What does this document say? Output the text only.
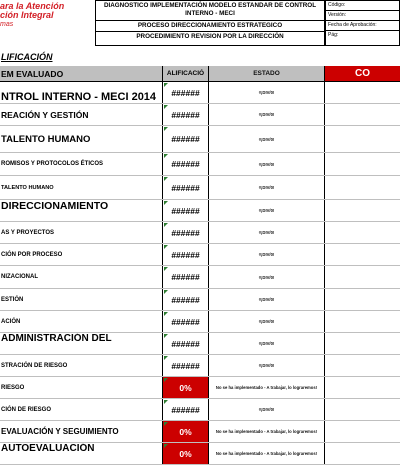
ara la Atención
ción Integral
mas
DIAGNOSTICO IMPLEMENTACIÓN MODELO ESTANDAR DE CONTROL INTERNO - MECI
PROCESO DIRECCIONAMIENTO ESTRATEGICO
PROCEDIMIENTO REVISION POR LA DIRECCIÓN
Código:
Versión:
Fecha de Aprobación:
Pág:
LIFICACIÓN
EM EVALUADO	ALIFICACIÓ	ESTADO	CO
NTROL INTERNO - MECI 2014	######	#¡DIV/0!
REACIÓN Y GESTIÓN	######	#¡DIV/0!
TALENTO HUMANO	######	#¡DIV/0!
ROMISOS Y PROTOCOLOS ÉTICOS	######	#¡DIV/0!
TALENTO HUMANO	######	#¡DIV/0!
DIRECCIONAMIENTO	######	#¡DIV/0!
AS Y PROYECTOS	######	#¡DIV/0!
CIÓN POR PROCESO	######	#¡DIV/0!
NIZACIONAL	######	#¡DIV/0!
ESTIÓN	######	#¡DIV/0!
ACIÓN	######	#¡DIV/0!
ADMINISTRACIÓN DEL	######	#¡DIV/0!
STRACIÓN DE RIESGO	######	#¡DIV/0!
RIESGO	0%	No se ha implementado - A trabajar, lo lograremos!
CIÓN DE RIESGO	######	#¡DIV/0!
EVALUACIÓN Y SEGUIMIENTO	0%	No se ha implementado - A trabajar, lo lograremos!
AUTOEVALUACIÓN	0%	No se ha implementado - A trabajar, lo lograremos!
